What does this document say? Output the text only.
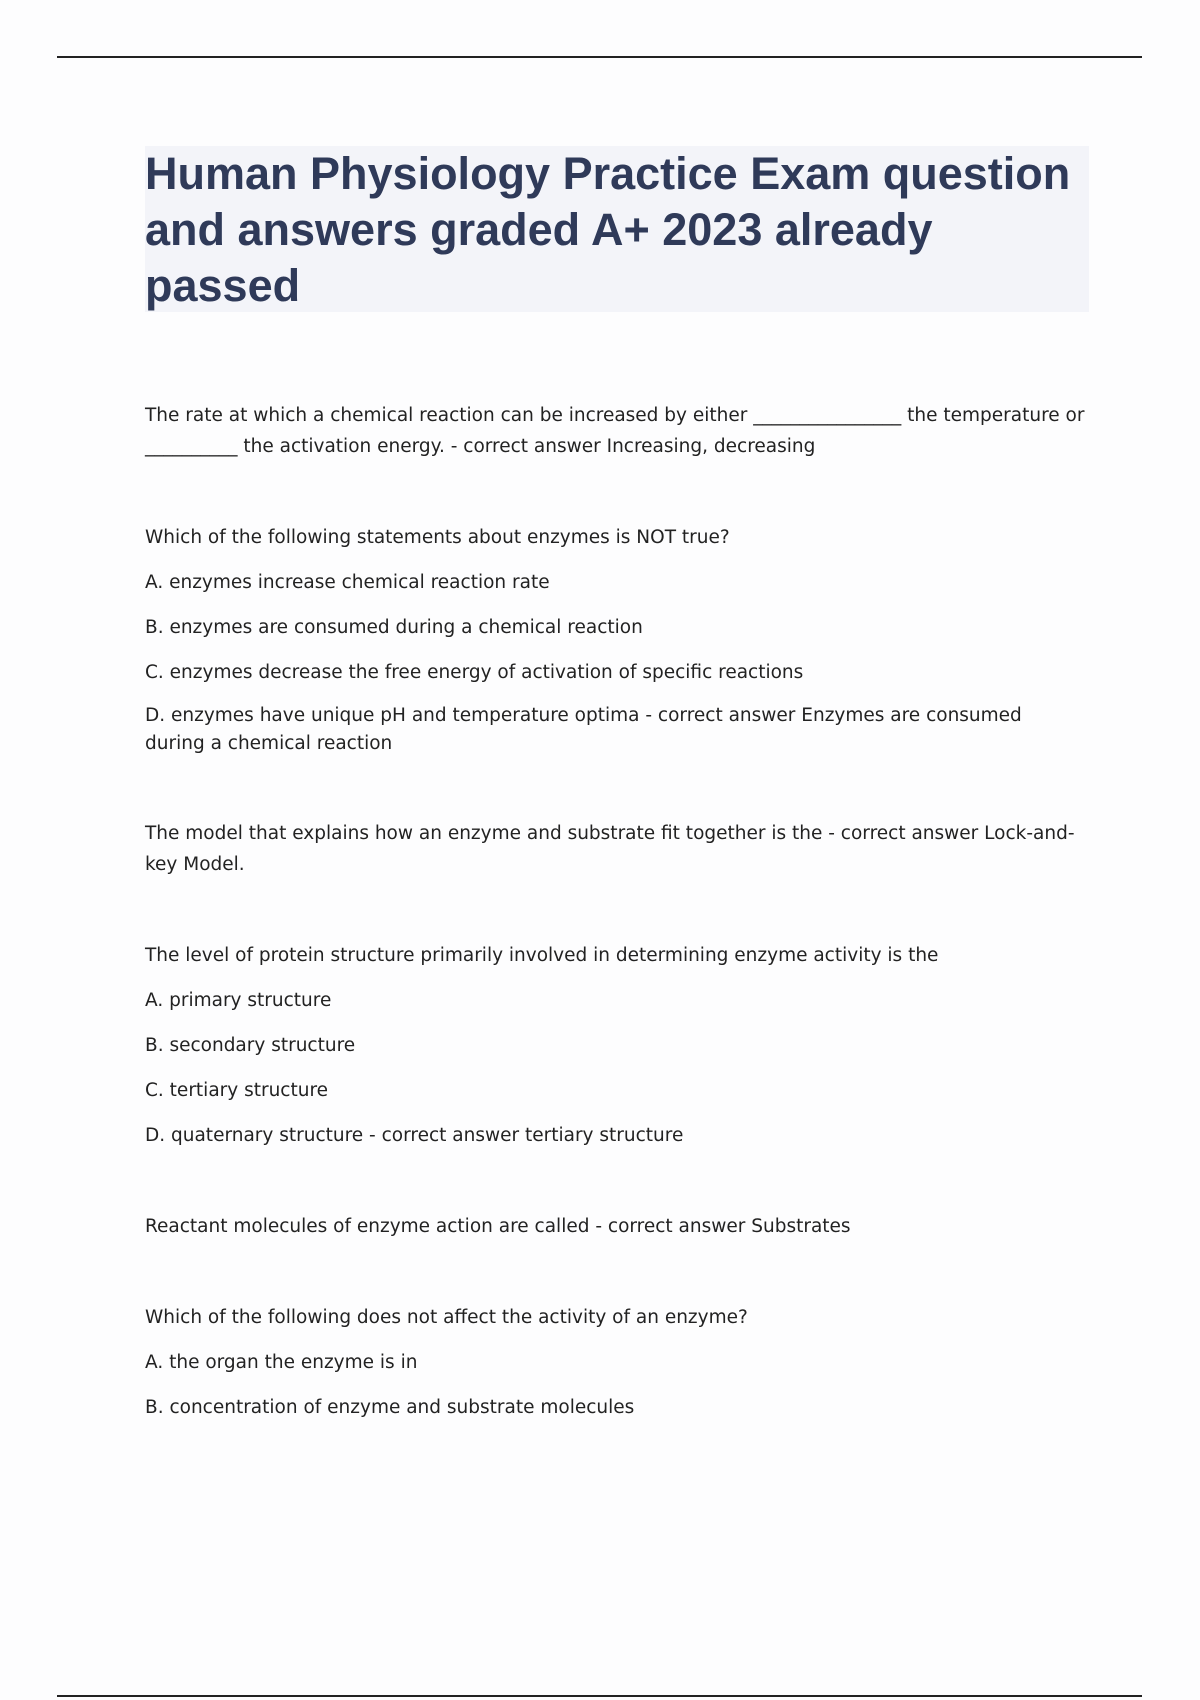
Human Physiology Practice Exam question and answers graded A+ 2023 already passed

The rate at which a chemical reaction can be increased by either ________________ the temperature or __________ the activation energy. - correct answer Increasing, decreasing

Which of the following statements about enzymes is NOT true?

A. enzymes increase chemical reaction rate

B. enzymes are consumed during a chemical reaction

C. enzymes decrease the free energy of activation of specific reactions

D. enzymes have unique pH and temperature optima - correct answer Enzymes are consumed during a chemical reaction

The model that explains how an enzyme and substrate fit together is the - correct answer Lock-and-key Model.

The level of protein structure primarily involved in determining enzyme activity is the

A. primary structure

B. secondary structure

C. tertiary structure

D. quaternary structure - correct answer tertiary structure

Reactant molecules of enzyme action are called - correct answer Substrates

Which of the following does not affect the activity of an enzyme?

A. the organ the enzyme is in

B. concentration of enzyme and substrate molecules
